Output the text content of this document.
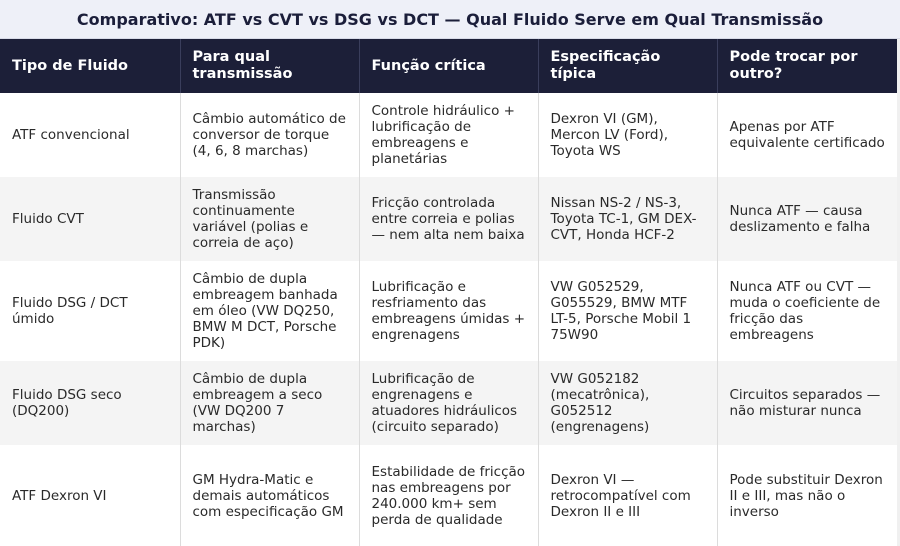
Comparativo: ATF vs CVT vs DSG vs DCT — Qual Fluido Serve em Qual Transmissão
Tipo de Fluido	Para qual transmissão	Função crítica	Especificação típica	Pode trocar por outro?
ATF convencional	Câmbio automático de conversor de torque (4, 6, 8 marchas)	Controle hidráulico + lubrificação de embreagens e planetárias	Dexron VI (GM), Mercon LV (Ford), Toyota WS	Apenas por ATF equivalente certificado
Fluido CVT	Transmissão continuamente variável (polias e correia de aço)	Fricção controlada entre correia e polias — nem alta nem baixa	Nissan NS-2 / NS-3, Toyota TC-1, GM DEX-CVT, Honda HCF-2	Nunca ATF — causa deslizamento e falha
Fluido DSG / DCT úmido	Câmbio de dupla embreagem banhada em óleo (VW DQ250, BMW M DCT, Porsche PDK)	Lubrificação e resfriamento das embreagens úmidas + engrenagens	VW G052529, G055529, BMW MTF LT-5, Porsche Mobil 1 75W90	Nunca ATF ou CVT — muda o coeficiente de fricção das embreagens
Fluido DSG seco (DQ200)	Câmbio de dupla embreagem a seco (VW DQ200 7 marchas)	Lubrificação de engrenagens e atuadores hidráulicos (circuito separado)	VW G052182 (mecatrônica), G052512 (engrenagens)	Circuitos separados — não misturar nunca
ATF Dexron VI	GM Hydra-Matic e demais automáticos com especificação GM	Estabilidade de fricção nas embreagens por 240.000 km+ sem perda de qualidade	Dexron VI — retrocompatível com Dexron II e III	Pode substituir Dexron II e III, mas não o inverso
